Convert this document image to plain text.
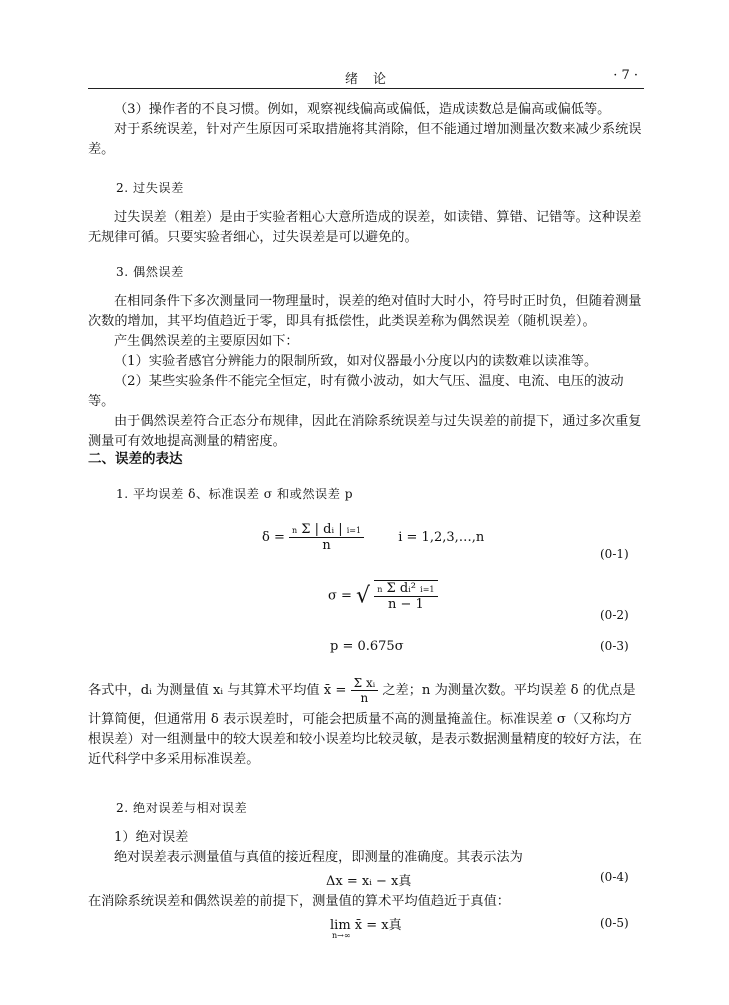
绪　论	· 7 ·

（3）操作者的不良习惯。例如，观察视线偏高或偏低，造成读数总是偏高或偏低等。

对于系统误差，针对产生原因可采取措施将其消除，但不能通过增加测量次数来减少系统误差。

2. 过失误差

过失误差（粗差）是由于实验者粗心大意所造成的误差，如读错、算错、记错等。这种误差无规律可循。只要实验者细心，过失误差是可以避免的。

3. 偶然误差

在相同条件下多次测量同一物理量时，误差的绝对值时大时小，符号时正时负，但随着测量次数的增加，其平均值趋近于零，即具有抵偿性，此类误差称为偶然误差（随机误差）。

产生偶然误差的主要原因如下：

（1）实验者感官分辨能力的限制所致，如对仪器最小分度以内的读数难以读准等。

（2）某些实验条件不能完全恒定，时有微小波动，如大气压、温度、电流、电压的波动等。

由于偶然误差符合正态分布规律，因此在消除系统误差与过失误差的前提下，通过多次重复测量可有效地提高测量的精密度。

二、误差的表达
1. 平均误差 δ、标准误差 σ 和或然误差 p
$\delta = \frac{\text{n Σ | dᵢ | i=1}}{n}$	i = 1,2,3,…,n
(0-1)
σ = √ $\frac{\text{n Σ dᵢ² i=1}}{n - 1}$
(0-2)
p = 0.675σ	(0-3)
各式中，dᵢ 为测量值 xᵢ 与其算术平均值 x̄ = $\frac{\text{Σ xᵢ}}{n}$ 之差；n 为测量次数。平均误差 δ 的优点是

计算简便，但通常用 δ 表示误差时，可能会把质量不高的测量掩盖住。标准误差 σ（又称均方根误差）对一组测量中的较大误差和较小误差均比较灵敏，是表示数据测量精度的较好方法，在近代科学中多采用标准误差。

2. 绝对误差与相对误差

1）绝对误差

绝对误差表示测量值与真值的接近程度，即测量的准确度。其表示法为

Δx = xᵢ − x真	(0-4)

在消除系统误差和偶然误差的前提下，测量值的算术平均值趋近于真值：

lim x̄ = x真
n→∞
(0-5)
